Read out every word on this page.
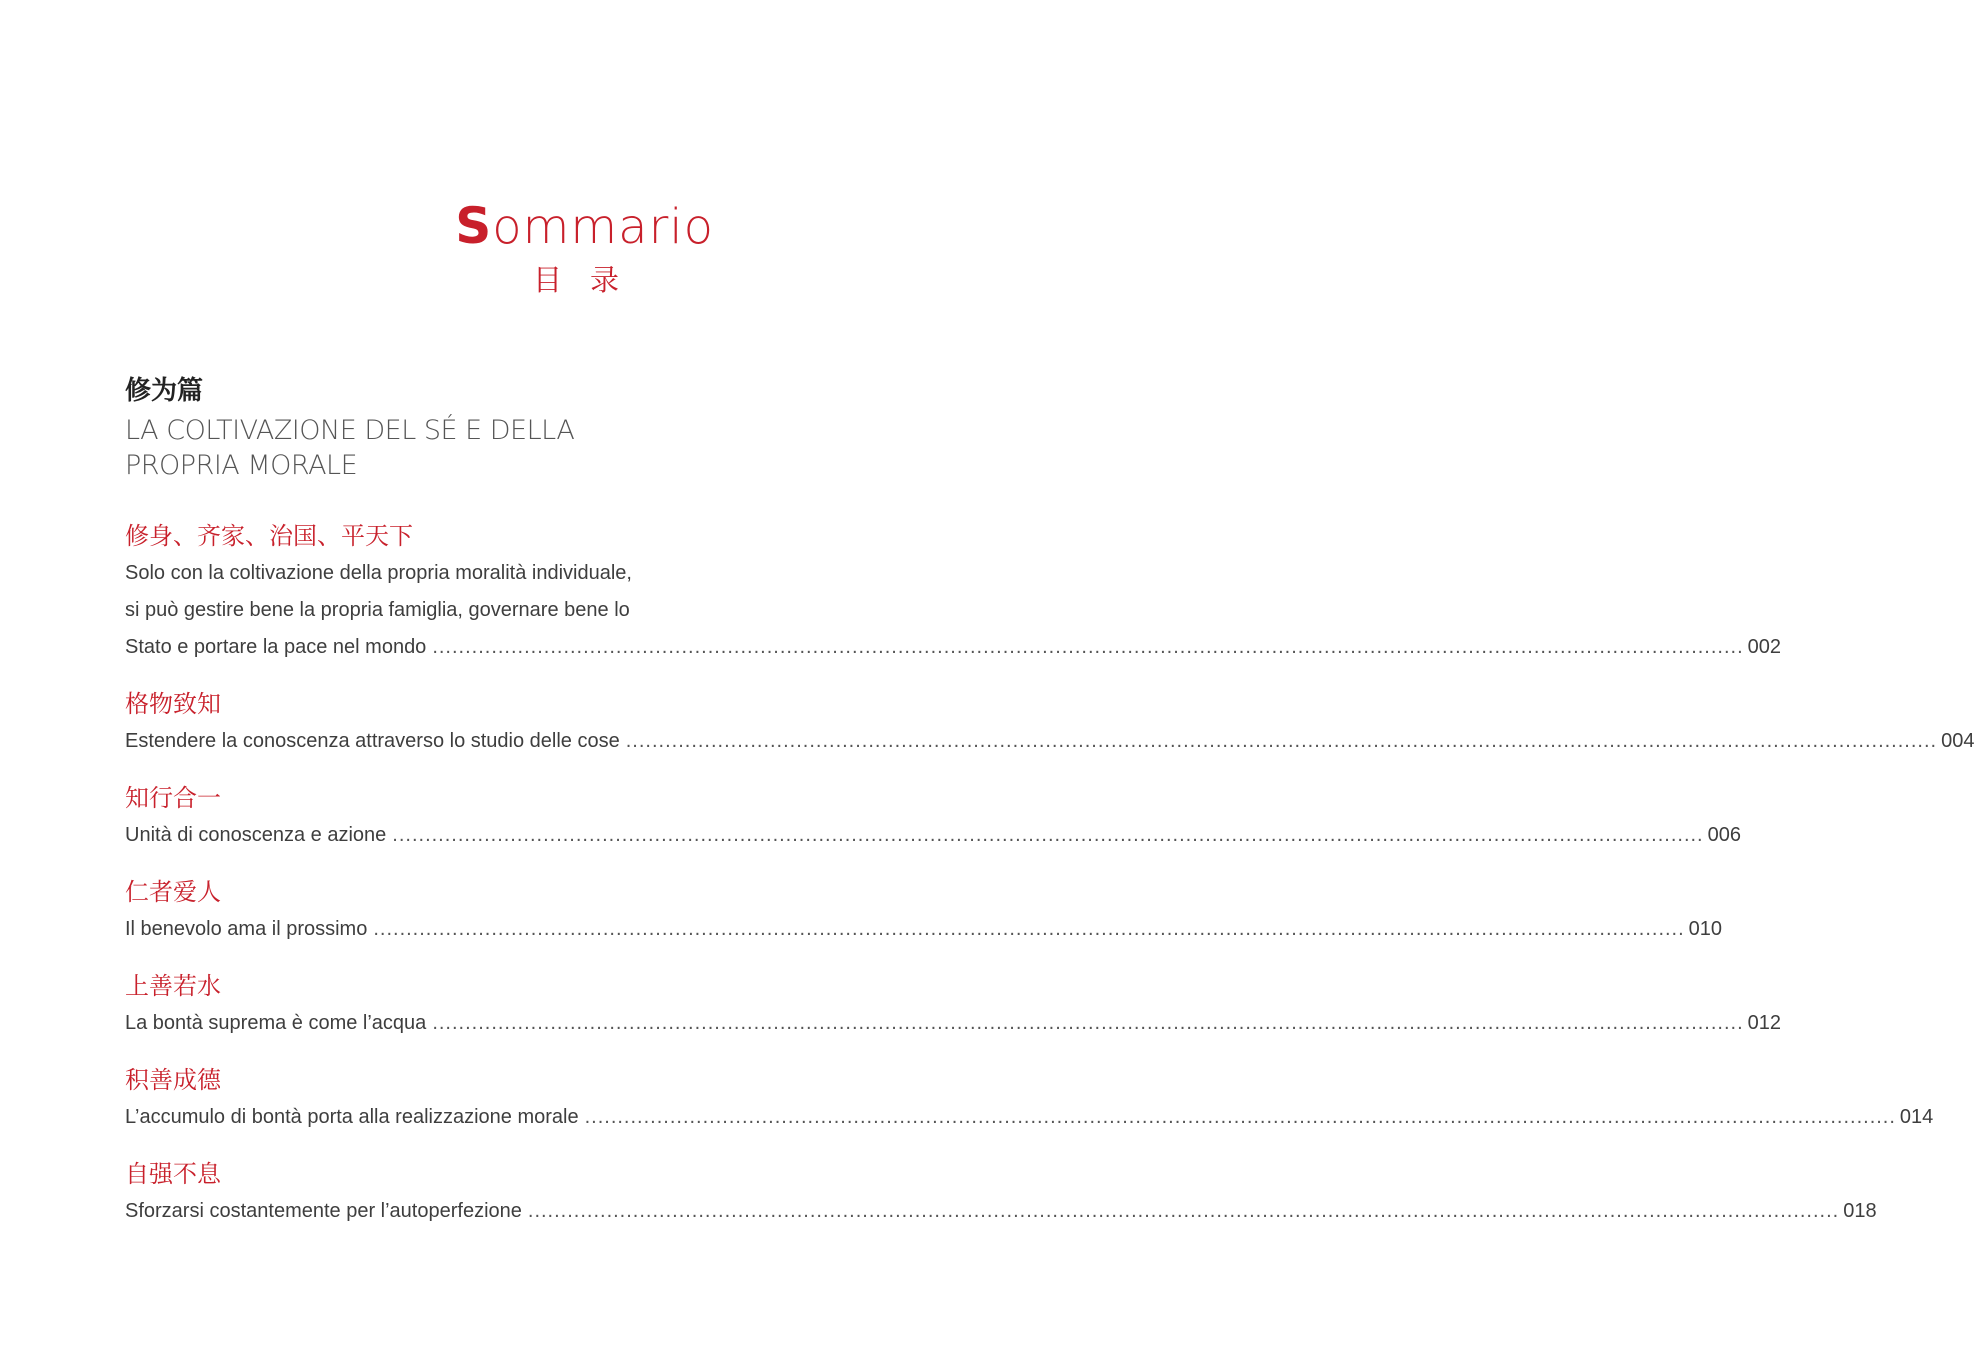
Sommario
目录
修为篇
LA COLTIVAZIONE DEL SÉ E DELLA
PROPRIA MORALE
修身、齐家、治国、平天下
Solo con la coltivazione della propria moralità individuale,
si può gestire bene la propria famiglia, governare bene lo
Stato e portare la pace nel mondo ........................................................................................................................................................................................................ 002
格物致知
Estendere la conoscenza attraverso lo studio delle cose ........................................................................................................................................................................................................ 004
知行合一
Unità di conoscenza e azione ........................................................................................................................................................................................................ 006
仁者爱人
Il benevolo ama il prossimo ........................................................................................................................................................................................................ 010
上善若水
La bontà suprema è come l’acqua ........................................................................................................................................................................................................ 012
积善成德
L’accumulo di bontà porta alla realizzazione morale ........................................................................................................................................................................................................ 014
自强不息
Sforzarsi costantemente per l’autoperfezione ........................................................................................................................................................................................................ 018
